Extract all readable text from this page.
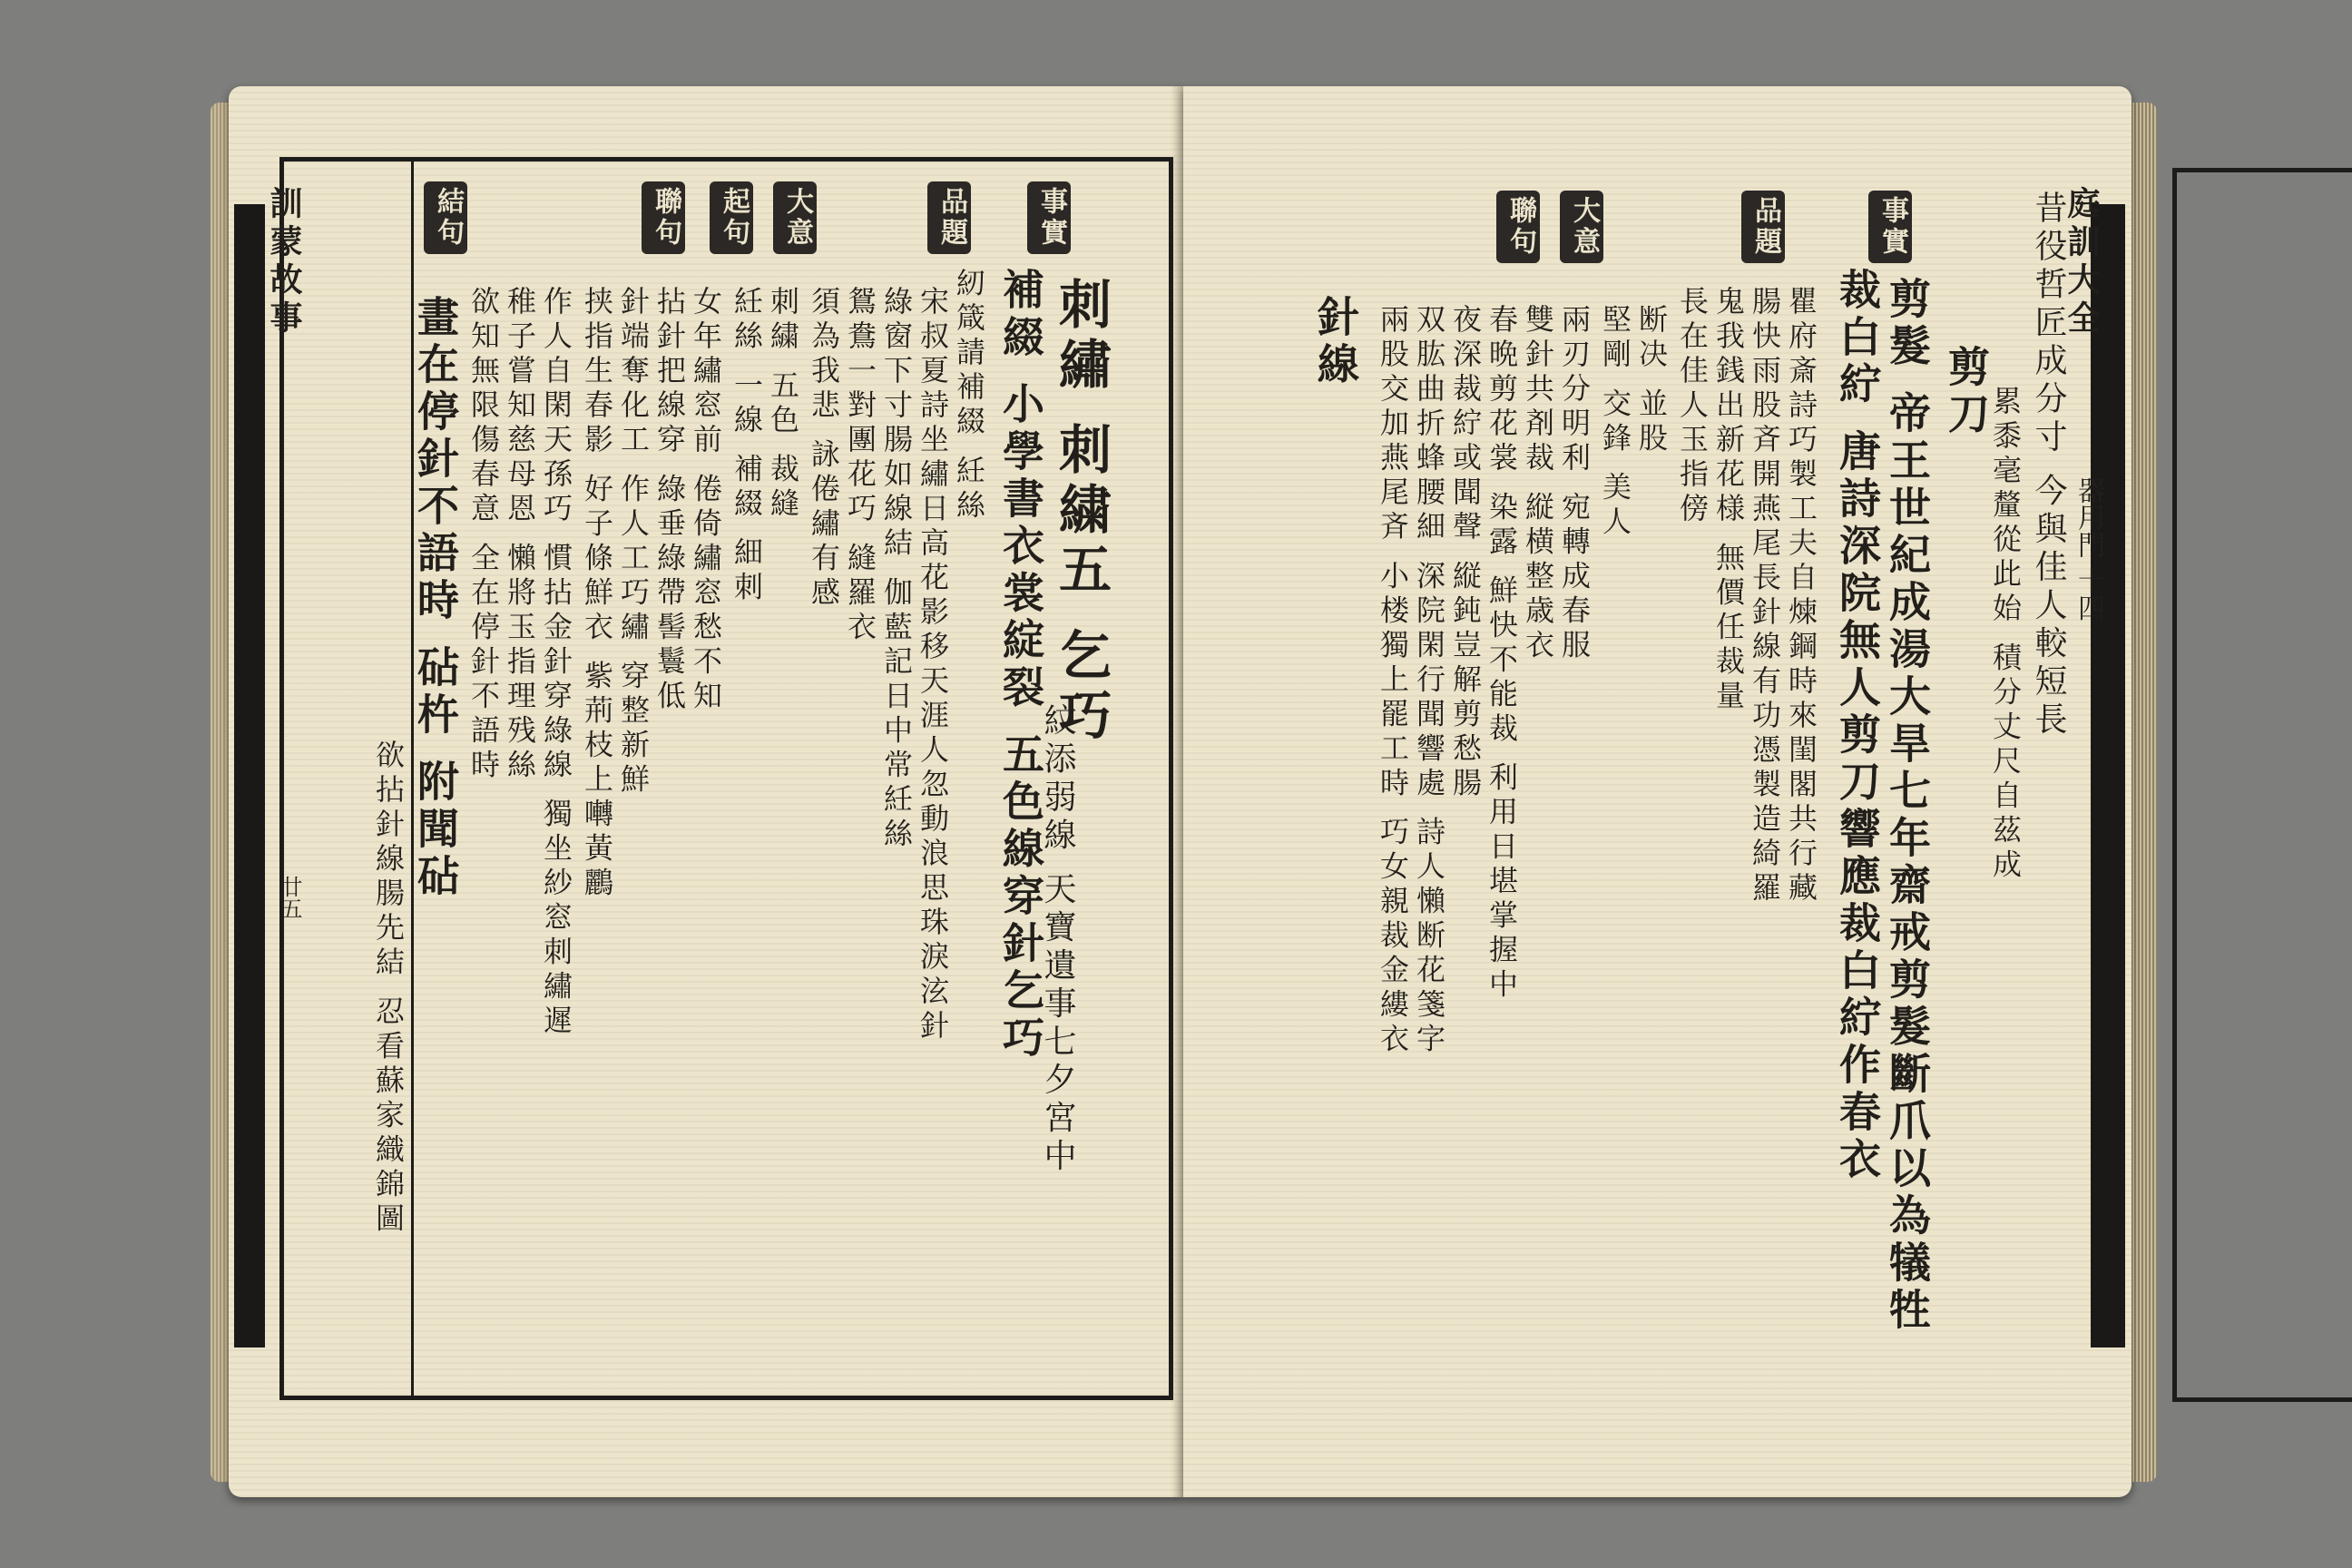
訓蒙故事
廿五
事實
品題
大意
起句
聯句
結句
刺繡 刺繍五 乞巧
紋添弱線 天寶遺事七夕宮中
補綴 小學書衣裳綻裂 五色線穿針乞巧
紉箴請補綴 紝絲
宋叔夏詩坐繡日高花影移天涯人忽動浪思珠淚泫針
綠窗下寸腸如線結 伽藍記日中常紝絲
鴛鴦一對團花巧 縫羅衣
須為我悲 詠倦繡有感
刺繍 五色 裁縫
紝絲 一線 補綴 細刺
女年繡窓前 倦倚繡窓愁不知
拈針把線穿 綠垂綠帶髻鬟低
針端奪化工 作人工巧繡 穿整新鮮
挟指生春影 好子條鮮衣 紫荊枝上囀黃鸝
作人自閑天孫巧 慣拈金針穿綠線 獨坐紗窓刺繡遲
稚子嘗知慈母恩 懶將玉指理残絲
欲知無限傷春意 全在停針不語時
畫在停針不語時 砧杵 附聞砧
欲拈針線腸先結 忍看蘇家織錦圖
庭訓大全
器用門 十四
事實
品題
大意
聯句	昔役哲匠成分寸 今與佳人較短長
累黍毫釐從此始 積分丈尺自茲成
剪刀
剪髮 帝王世紀成湯大旱七年齋戒剪髮斷爪以為犠牲
裁白紵 唐詩深院無人剪刀響應裁白紵作春衣
瞿府斎詩巧製工夫自煉鋼時來閨閣共行藏
腸快雨股斉開燕尾長針線有功憑製造綺羅
鬼我銭出新花様 無價任裁量
長在佳人玉指傍
断决 並股
堅剛 交鋒 美人
兩刃分明利 宛轉成春服
雙針共剤裁 縦横整歳衣
春晩剪花裳 染露 鮮快不能裁 利用日堪掌握中
夜深裁紵或聞聲 縦鈍豈解剪愁腸
双肱曲折蜂腰細 深院閑行聞響處 詩人懶断花箋字
兩股交加燕尾斉 小楼獨上罷工時 巧女親裁金縷衣
針線
